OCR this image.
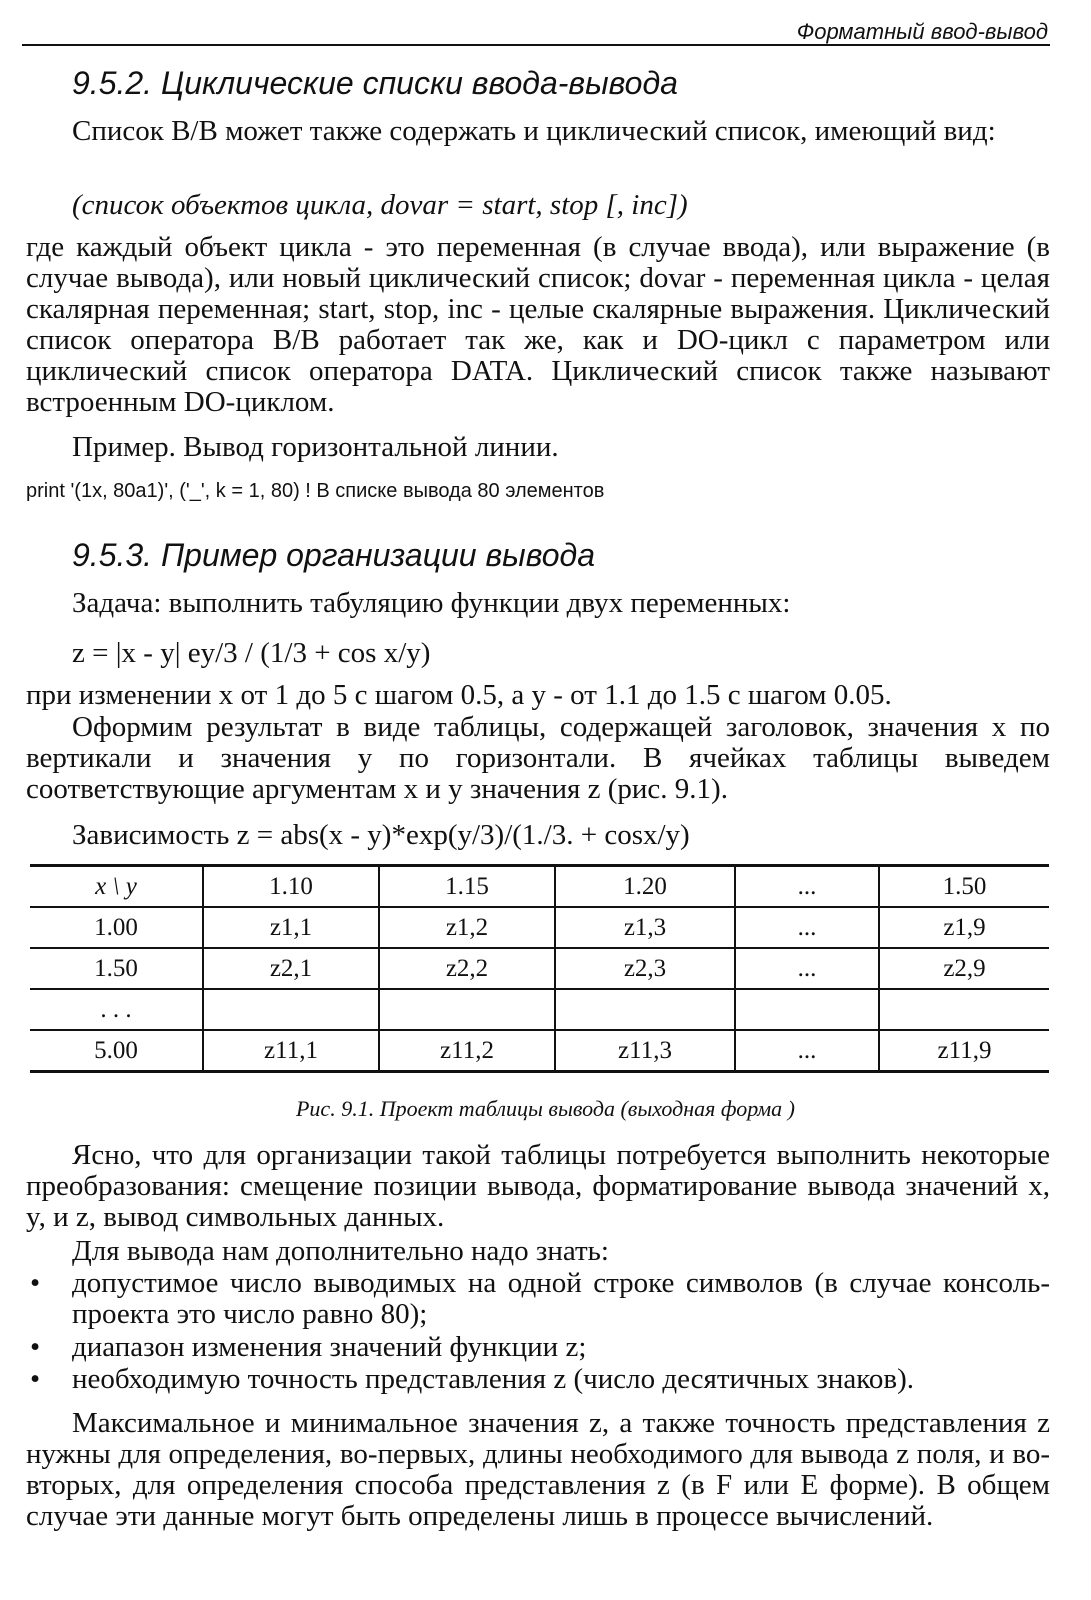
Форматный ввод-вывод
9.5.2. Циклические списки ввода-вывода
Список В/В может также содержать и циклический список, имеющий вид:
(список объектов цикла, dovar = start, stop [, inc])
где каждый объект цикла - это переменная (в случае ввода), или выражение (в случае вывода), или новый циклический список; dovar - переменная цикла - целая скалярная переменная; start, stop, inc - целые скалярные выражения. Циклический список оператора В/В работает так же, как и DO-цикл с параметром или циклический список оператора DATA. Циклический список также называют встроенным DO-циклом.
Пример. Вывод горизонтальной линии.
print '(1x, 80a1)', ('_', k = 1, 80) ! В списке вывода 80 элементов
9.5.3. Пример организации вывода
Задача: выполнить табуляцию функции двух переменных:
z = |x - y| ey/3 / (1/3 + cos x/y)
при изменении x от 1 до 5 с шагом 0.5, а y - от 1.1 до 1.5 с шагом 0.05.
Оформим результат в виде таблицы, содержащей заголовок, значения x по вертикали и значения y по горизонтали. В ячейках таблицы выведем соответствующие аргументам x и y значения z (рис. 9.1).
Зависимость z = abs(x - y)*exp(y/3)/(1./3. + cosx/y)
x \ y	1.10	1.15	1.20	...	1.50
1.00	z1,1	z1,2	z1,3	...	z1,9
1.50	z2,1	z2,2	z2,3	...	z2,9
. . .					
5.00	z11,1	z11,2	z11,3	...	z11,9
Рис. 9.1. Проект таблицы вывода (выходная форма )
Ясно, что для организации такой таблицы потребуется выполнить некоторые преобразования: смещение позиции вывода, форматирование вывода значений x, y, и z, вывод символьных данных.
Для вывода нам дополнительно надо знать:
• допустимое число выводимых на одной строке символов (в случае консоль-проекта это число равно 80);
• диапазон изменения значений функции z;
• необходимую точность представления z (число десятичных знаков).
Максимальное и минимальное значения z, а также точность представления z нужны для определения, во-первых, длины необходимого для вывода z поля, и во-вторых, для определения способа представления z (в F или E форме). В общем случае эти данные могут быть определены лишь в процессе вычислений.
